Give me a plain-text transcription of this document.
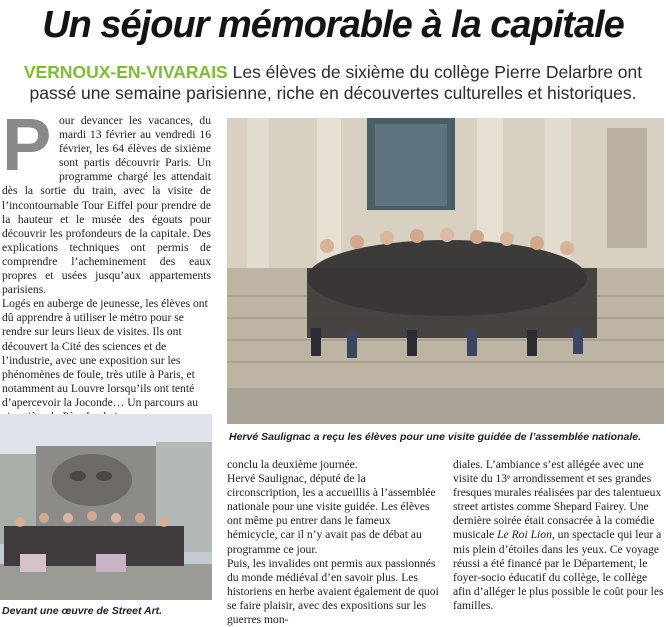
Un séjour mémorable à la capitale

VERNOUX-EN-VIVARAIS Les élèves de sixième du collège Pierre Delarbre ont passé une semaine parisienne, riche en découvertes culturelles et historiques.

P our devancer les vacances, du mardi 13 février au vendredi 16 février, les 64 élèves de sixième sont partis découvrir Paris. Un programme chargé les attendait dès la sortie du train, avec la visite de l’incontournable Tour Eiffel pour prendre de la hauteur et le musée des égouts pour découvrir les profondeurs de la capitale. Des explications techniques ont permis de comprendre l’acheminement des eaux propres et usées jusqu’aux appartements parisiens.

Logés en auberge de jeunesse, les élèves ont dû apprendre à utiliser le métro pour se rendre sur leurs lieux de visites. Ils ont découvert la Cité des sciences et de l’industrie, avec une exposition sur les phénomènes de foule, très utile à Paris, et notamment au Louvre lorsqu’ils ont tenté d’apercevoir la Joconde… Un parcours au

Hervé Saulignac a reçu les élèves pour une visite guidée de l’assemblée nationale.

Devant une œuvre de Street Art.

conclu la deuxième journée.

Hervé Saulignac, député de la circonscription, les a accueillis à l’assemblée nationale pour une visite guidée. Les élèves ont même pu entrer dans le fameux hémicycle, car il n’y avait pas de débat au programme ce jour.

Puis, les invalides ont permis aux passionnés du monde médiéval d’en savoir plus. Les historiens en herbe avaient également de quoi se faire plaisir, avec des expositions sur les guerres mon-

diales. L’ambiance s’est allégée avec une visite du 13ᵉ arrondissement et ses grandes fresques murales réalisées par des talentueux street artistes comme Shepard Fairey. Une dernière soirée était consacrée à la comédie musicale Le Roi Lion, un spectacle qui leur a mis plein d’étoiles dans les yeux. Ce voyage réussi a été financé par le Département, le foyer-socio éducatif du collège, le collège afin d’alléger le plus possible le coût pour les familles.
